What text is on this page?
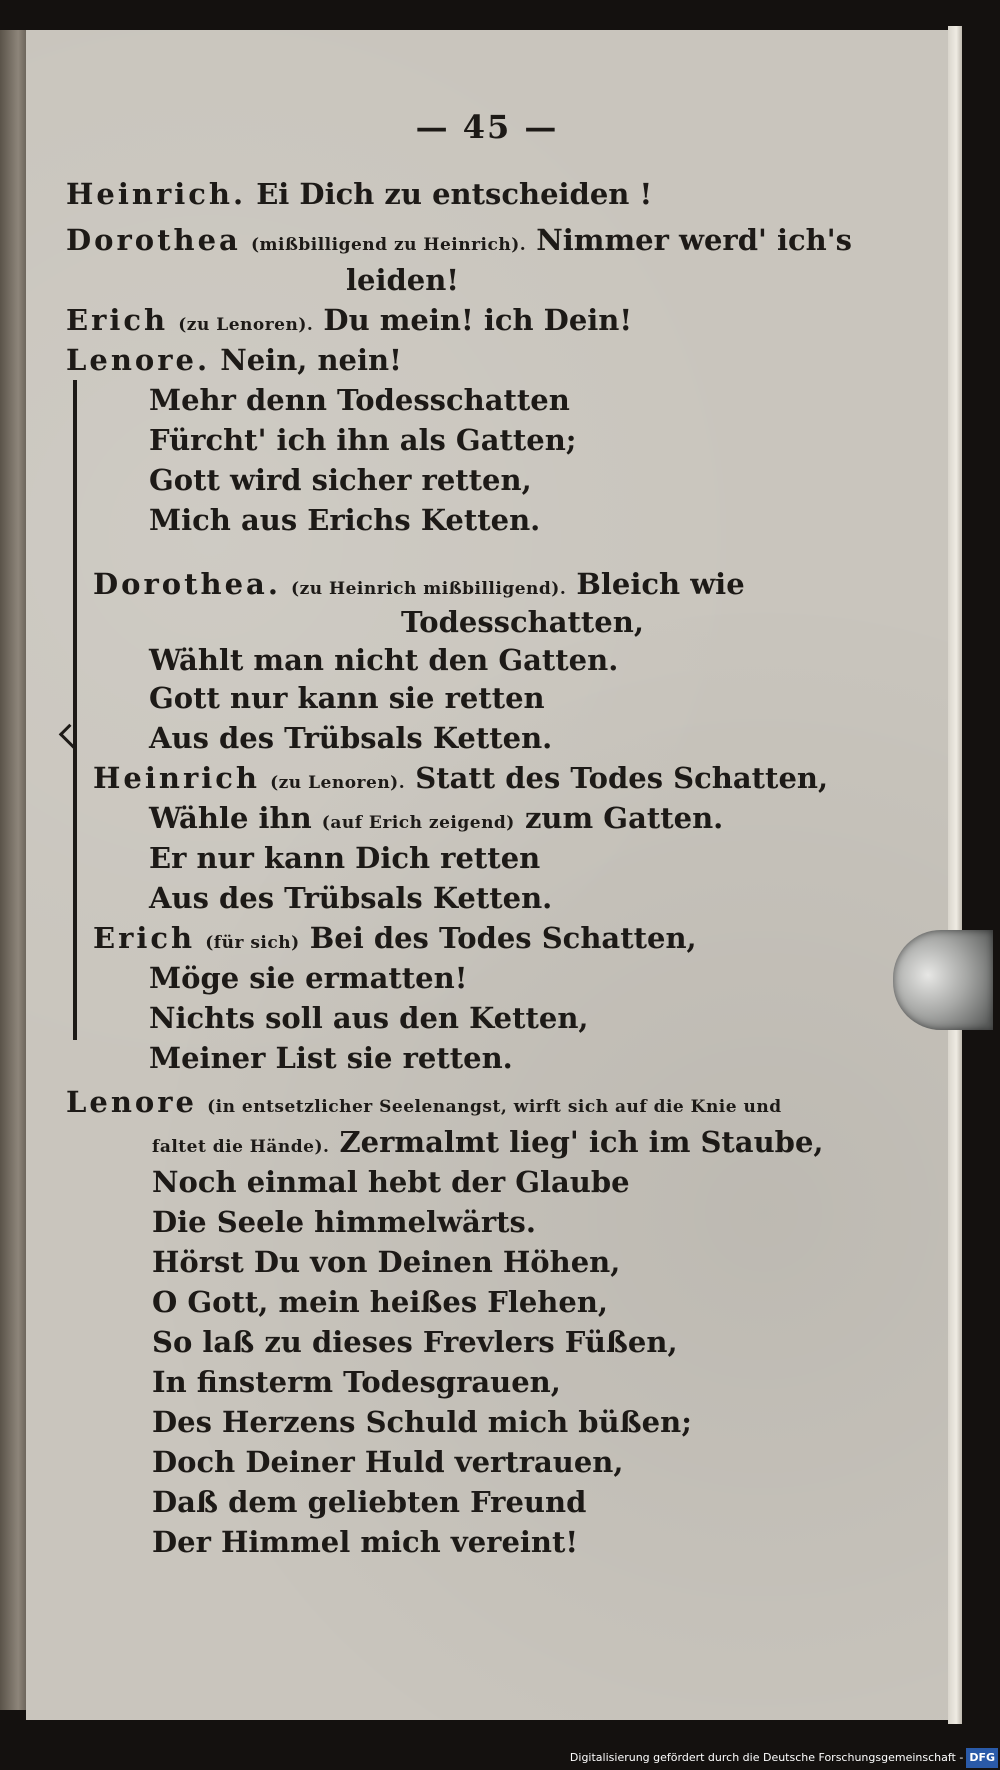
— 45 —
Heinrich. Ei Dich zu entscheiden !
Dorothea (mißbilligend zu Heinrich). Nimmer werd' ich's
leiden!
Erich (zu Lenoren). Du mein! ich Dein!
Lenore. Nein, nein!
Mehr denn Todesschatten
Fürcht' ich ihn als Gatten;
Gott wird sicher retten,
Mich aus Erichs Ketten.
Dorothea. (zu Heinrich mißbilligend). Bleich wie
Todesschatten,
Wählt man nicht den Gatten.
Gott nur kann sie retten
Aus des Trübsals Ketten.
Heinrich (zu Lenoren). Statt des Todes Schatten,
Wähle ihn (auf Erich zeigend) zum Gatten.
Er nur kann Dich retten
Aus des Trübsals Ketten.
Erich (für sich) Bei des Todes Schatten,
Möge sie ermatten!
Nichts soll aus den Ketten,
Meiner List sie retten.
Lenore (in entsetzlicher Seelenangst, wirft sich auf die Knie und
faltet die Hände). Zermalmt lieg' ich im Staube,
Noch einmal hebt der Glaube
Die Seele himmelwärts.
Hörst Du von Deinen Höhen,
O Gott, mein heißes Flehen,
So laß zu dieses Frevlers Füßen,
In finsterm Todesgrauen,
Des Herzens Schuld mich büßen;
Doch Deiner Huld vertrauen,
Daß dem geliebten Freund
Der Himmel mich vereint!
Digitalisierung gefördert durch die Deutsche Forschungsgemeinschaft - DFG
